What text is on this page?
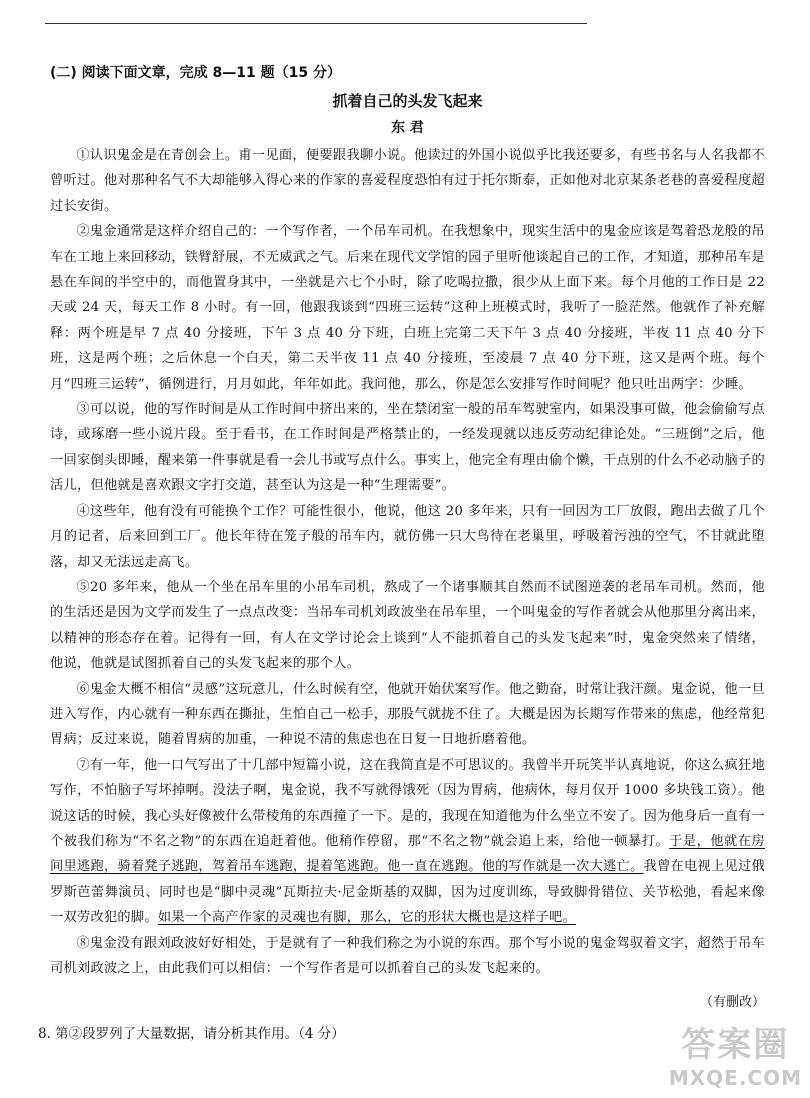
(二) 阅读下面文章，完成 8—11 题（15 分）
抓着自己的头发飞起来
东 君

①认识鬼金是在青创会上。甫一见面，便要跟我聊小说。他读过的外国小说似乎比我还要多，有些书名与人名我都不曾听过。他对那种名气不大却能够入得心来的作家的喜爱程度恐怕有过于托尔斯泰，正如他对北京某条老巷的喜爱程度超过长安街。

②鬼金通常是这样介绍自己的：一个写作者，一个吊车司机。在我想象中，现实生活中的鬼金应该是驾着恐龙般的吊车在工地上来回移动，铁臂舒展，不无威武之气。后来在现代文学馆的园子里听他谈起自己的工作，才知道，那种吊车是悬在车间的半空中的，而他置身其中，一坐就是六七个小时，除了吃喝拉撒，很少从上面下来。每个月他的工作日是 22 天或 24 天，每天工作 8 小时。有一回，他跟我谈到“四班三运转”这种上班模式时，我听了一脸茫然。他就作了补充解释：两个班是早 7 点 40 分接班，下午 3 点 40 分下班，白班上完第二天下午 3 点 40 分接班，半夜 11 点 40 分下班，这是两个班；之后休息一个白天，第二天半夜 11 点 40 分接班，至凌晨 7 点 40 分下班，这又是两个班。每个月“四班三运转”，循例进行，月月如此，年年如此。我问他，那么，你是怎么安排写作时间呢？他只吐出两字：少睡。

③可以说，他的写作时间是从工作时间中挤出来的，坐在禁闭室一般的吊车驾驶室内，如果没事可做，他会偷偷写点诗，或琢磨一些小说片段。至于看书，在工作时间是严格禁止的，一经发现就以违反劳动纪律论处。“三班倒”之后，他一回家倒头即睡，醒来第一件事就是看一会儿书或写点什么。事实上，他完全有理由偷个懒，干点别的什么不必动脑子的活儿，但他就是喜欢跟文字打交道，甚至认为这是一种“生理需要”。

④这些年，他有没有可能换个工作？可能性很小，他说，他这 20 多年来，只有一回因为工厂放假，跑出去做了几个月的记者，后来回到工厂。他长年待在笼子般的吊车内，就仿佛一只大鸟待在老巢里，呼吸着污浊的空气，不甘就此堕落，却又无法远走高飞。

⑤20 多年来，他从一个坐在吊车里的小吊车司机，熬成了一个诸事顺其自然而不试图逆袭的老吊车司机。然而，他的生活还是因为文学而发生了一点点改变：当吊车司机刘政波坐在吊车里，一个叫鬼金的写作者就会从他那里分离出来，以精神的形态存在着。记得有一回，有人在文学讨论会上谈到“人不能抓着自己的头发飞起来”时，鬼金突然来了情绪，他说，他就是试图抓着自己的头发飞起来的那个人。

⑥鬼金大概不相信“灵感”这玩意儿，什么时候有空，他就开始伏案写作。他之勤奋，时常让我汗颜。鬼金说，他一旦进入写作，内心就有一种东西在撕扯，生怕自己一松手，那股气就拢不住了。大概是因为长期写作带来的焦虑，他经常犯胃病；反过来说，随着胃病的加重，一种说不清的焦虑也在日复一日地折磨着他。

⑦有一年，他一口气写出了十几部中短篇小说，这在我简直是不可思议的。我曾半开玩笑半认真地说，你这么疯狂地写作，不怕脑子写坏掉啊。没法子啊，鬼金说，我不写就得饿死（因为胃病，他病休，每月仅开 1000 多块钱工资）。他说这话的时候，我心头好像被什么带棱角的东西撞了一下。是的，我现在知道他为什么坐立不安了。因为他身后一直有一个被我们称为“不名之物”的东西在追赶着他。他稍作停留，那“不名之物”就会追上来，给他一顿暴打。于是，他就在房间里逃跑，骑着凳子逃跑，驾着吊车逃跑，提着笔逃跑。他一直在逃跑。他的写作就是一次大逃亡。我曾在电视上见过俄罗斯芭蕾舞演员、同时也是“脚中灵魂”瓦斯拉夫·尼金斯基的双脚，因为过度训练，导致脚骨错位、关节松弛，看起来像一双劳改犯的脚。如果一个高产作家的灵魂也有脚，那么，它的形状大概也是这样子吧。

⑧鬼金没有跟刘政波好好相处，于是就有了一种我们称之为小说的东西。那个写小说的鬼金驾驭着文字，超然于吊车司机刘政波之上，由此我们可以相信：一个写作者是可以抓着自己的头发飞起来的。

（有删改）
8. 第②段罗列了大量数据，请分析其作用。（4 分）	答案圈
MXQE.COM
